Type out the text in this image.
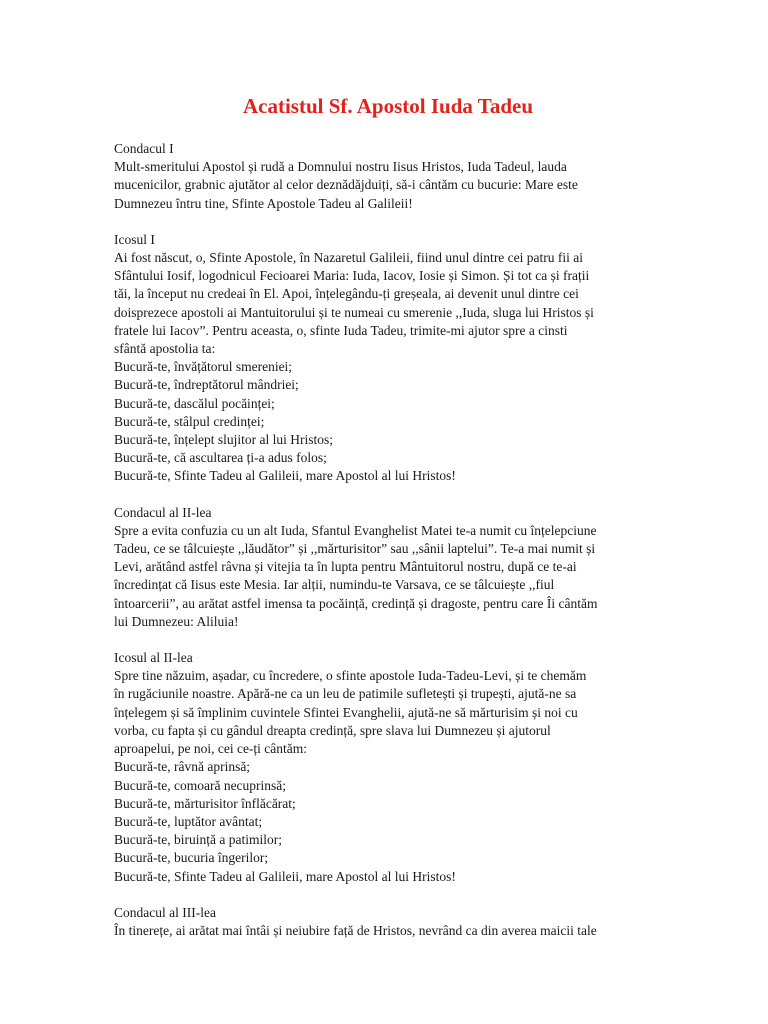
Acatistul Sf. Apostol Iuda Tadeu

Condacul I

Mult-smeritului Apostol și rudă a Domnului nostru Iisus Hristos, Iuda Tadeul, lauda

mucenicilor, grabnic ajutător al celor deznădăjduiți, să-i cântăm cu bucurie: Mare este

Dumnezeu întru tine, Sfinte Apostole Tadeu al Galileii!

Icosul I

Ai fost născut, o, Sfinte Apostole, în Nazaretul Galileii, fiind unul dintre cei patru fii ai

Sfântului Iosif, logodnicul Fecioarei Maria: Iuda, Iacov, Iosie și Simon. Și tot ca și frații

tăi, la început nu credeai în El. Apoi, înțelegându-ți greșeala, ai devenit unul dintre cei

doisprezece apostoli ai Mantuitorului și te numeai cu smerenie ,,Iuda, sluga lui Hristos și

fratele lui Iacov”. Pentru aceasta, o, sfinte Iuda Tadeu, trimite-mi ajutor spre a cinsti

sfântă apostolia ta:

Bucură-te, învățătorul smereniei;

Bucură-te, îndreptătorul mândriei;

Bucură-te, dascălul pocăinței;

Bucură-te, stâlpul credinței;

Bucură-te, înțelept slujitor al lui Hristos;

Bucură-te, că ascultarea ți-a adus folos;

Bucură-te, Sfinte Tadeu al Galileii, mare Apostol al lui Hristos!

Condacul al II-lea

Spre a evita confuzia cu un alt Iuda, Sfantul Evanghelist Matei te-a numit cu înțelepciune

Tadeu, ce se tâlcuiește ,,lăudător” și ,,mărturisitor” sau ,,sânii laptelui”. Te-a mai numit și

Levi, arătând astfel râvna și vitejia ta în lupta pentru Mântuitorul nostru, după ce te-ai

încredințat că Iisus este Mesia. Iar alții, numindu-te Varsava, ce se tâlcuiește ,,fiul

întoarcerii”, au arătat astfel imensa ta pocăință, credință și dragoste, pentru care Îi cântăm

lui Dumnezeu: Aliluia!

Icosul al II-lea

Spre tine năzuim, așadar, cu încredere, o sfinte apostole Iuda-Tadeu-Levi, și te chemăm

în rugăciunile noastre. Apără-ne ca un leu de patimile sufletești și trupești, ajută-ne sa

înțelegem și să împlinim cuvintele Sfintei Evanghelii, ajută-ne să mărturisim și noi cu

vorba, cu fapta și cu gândul dreapta credință, spre slava lui Dumnezeu și ajutorul

aproapelui, pe noi, cei ce-ți cântăm:

Bucură-te, râvnă aprinsă;

Bucură-te, comoară necuprinsă;

Bucură-te, mărturisitor înflăcărat;

Bucură-te, luptător avântat;

Bucură-te, biruință a patimilor;

Bucură-te, bucuria îngerilor;

Bucură-te, Sfinte Tadeu al Galileii, mare Apostol al lui Hristos!

Condacul al III-lea

În tinerețe, ai arătat mai întâi și neiubire față de Hristos, nevrând ca din averea maicii tale
